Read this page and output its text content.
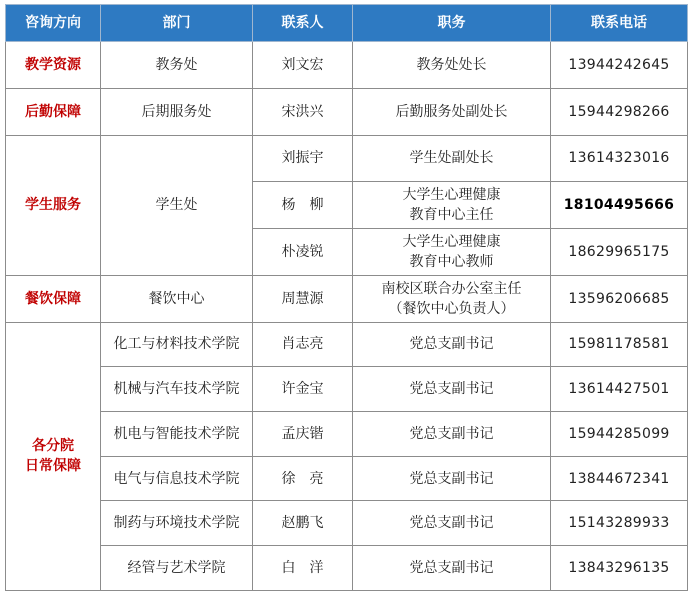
咨询方向	部门	联系人	职务	联系电话

教学资源	教务处	刘文宏	教务处处长	13944242645

后勤保障	后期服务处	宋洪兴	后勤服务处副处长	15944298266

学生服务	学生处	刘振宇	学生处副处长	13614323016
		杨　柳	大学生心理健康
教育中心主任	18104495666
		朴凌锐	大学生心理健康
教育中心教师	18629965175

餐饮保障	餐饮中心	周慧源	南校区联合办公室主任
（餐饮中心负责人）	13596206685

各分院
日常保障	化工与材料技术学院	肖志亮	党总支副书记	15981178581
	机械与汽车技术学院	许金宝	党总支副书记	13614427501
	机电与智能技术学院	孟庆锴	党总支副书记	15944285099
	电气与信息技术学院	徐　亮	党总支副书记	13844672341
	制药与环境技术学院	赵鹏飞	党总支副书记	15143289933
	经管与艺术学院	白　洋	党总支副书记	13843296135
